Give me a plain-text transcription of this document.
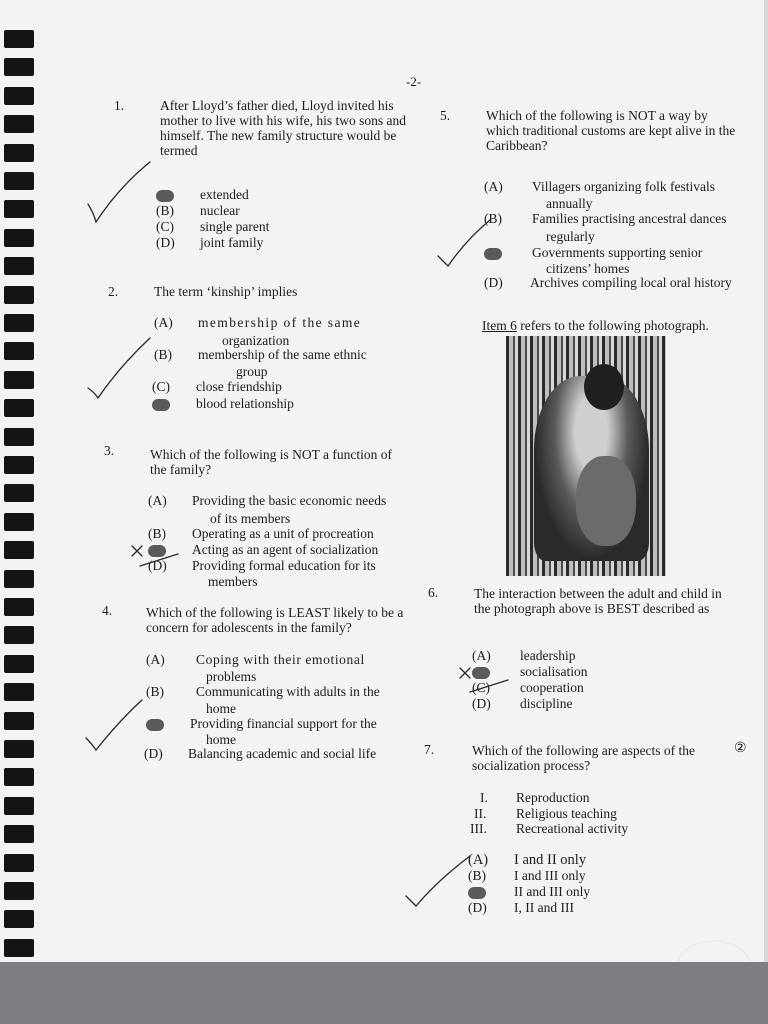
-2-
1.	After Lloyd’s father died, Lloyd invited his mother to live with his wife, his two sons and himself. The new family structure would be termed
extended
(B) nuclear
(C) single parent
(D) joint family
2.	The term ‘kinship’ implies
(A) membership of the same
organization
(B) membership of the same ethnic
group
(C) close friendship
blood relationship
3.	Which of the following is NOT a function of the family?
(A) Providing the basic economic needs
of its members
(B) Operating as a unit of procreation
Acting as an agent of socialization
(D) Providing formal education for its
members
4.	Which of the following is LEAST likely to be a concern for adolescents in the family?
(A) Coping with their emotional
problems
(B) Communicating with adults in the
home
Providing financial support for the
home
(D) Balancing academic and social life
5.	Which of the following is NOT a way by which traditional customs are kept alive in the Caribbean?
(A) Villagers organizing folk festivals
annually
(B) Families practising ancestral dances
regularly
Governments supporting senior
citizens’ homes
(D) Archives compiling local oral history
Item 6 refers to the following photograph.
6.	The interaction between the adult and child in the photograph above is BEST described as
(A) leadership
socialisation
(C) cooperation
(D) discipline
7.	Which of the following are aspects of the socialization process?
②
I. Reproduction
II. Religious teaching
III. Recreational activity
(A) I and II only
(B) I and III only
II and III only
(D) I, II and III
